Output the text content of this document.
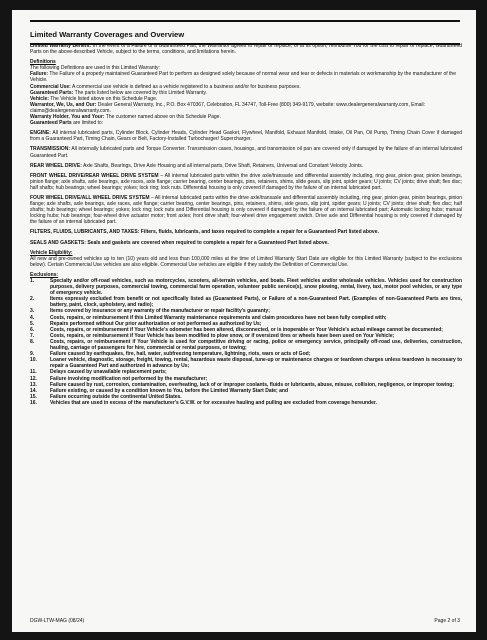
Limited Warranty Coverages and Overview

Limited Warranty Benefit: In the event of a Failure of a Guaranteed Part, the Warrantor agrees to repair or replace, or at its option, reimburse You for the cost to repair or replace, Guaranteed Parts on the above-described Vehicle, subject to the terms, conditions, and limitations herein.

Definitions
The following Definitions are used in this Limited Warranty:
Failure: The Failure of a properly maintained Guaranteed Part to perform as designed solely because of normal wear and tear or defects in materials or workmanship by the manufacturer of the Vehicle.
Commercial Use: A commercial use vehicle is defined as a vehicle registered to a business and/or for business purposes.
Guaranteed Parts: The parts listed below are covered by this Limited Warranty.
Vehicle: The Vehicle listed above on this Schedule Page.
Warrantor, We, Us, and Our: Dealer General Warranty, Inc., P.O. Box 470367, Celebration, FL 34747, Toll-Free (800) 349-9179, website: www.dealergeneralwarranty.com, Email: claims@dealergeneralwarranty.com.
Warranty Holder, You and Your: The customer named above on this Schedule Page.

Guaranteed Parts are limited to:

ENGINE: All internal lubricated parts, Cylinder Block, Cylinder Heads, Cylinder Head Gasket, Flywheel, Manifold, Exhaust Manifold, Intake, Oil Pan, Oil Pump, Timing Chain Cover if damaged from a Guaranteed Part, Timing Chain, Gears or Belt, Factory-Installed Turbocharger/ Supercharger.

TRANSMISSION: All internally lubricated parts and Torque Converter. Transmission cases, housings, and transmission oil pan are covered only if damaged by the failure of an internal lubricated Guaranteed Part.

REAR WHEEL DRIVE: Axle Shafts, Bearings, Drive Axle Housing and all internal parts, Drive Shaft, Retainers, Universal and Constant Velocity Joints.

FRONT WHEEL DRIVE/REAR WHEEL DRIVE SYSTEM – All internal lubricated parts within the drive axle/transaxle and differential assembly including, ring gear, pinion gear, pinion bearings, pinion flange; axle shafts, axle bearings, axle races, axle flange; carrier bearing, center bearings, pins, retainers, shims, slide gears, slip joint, spider gears; U joints; CV joints; drive shaft; flex disc; half shafts; hub bearings; wheel bearings; yokes; lock ring; lock nuts. Differential housing is only covered if damaged by the failure of an internal lubricated part.

FOUR WHEEL DRIVE/ALL WHEEL DRIVE SYSTEM – All internal lubricated parts within the drive axle/transaxle and differential assembly including, ring gear, pinion gear, pinion bearings, pinion flange; axle shafts, axle bearings, axle races, axle flange; carrier bearing, center bearings, pins, retainers, shims, side gears, slip joint, spider gears; U joints; CV joints; drive shaft; flex disc; half shafts; hub bearings; wheel bearings; yokes; lock ring; lock nuts and Differential housing is only covered if damaged by the failure of an internal lubricated part; Automatic locking hubs; manual locking hubs; hub bearings; four-wheel drive actuator motor; front axles; front drive shaft; four-wheel drive engagement switch. Drive axle and Differential housing is only covered if damaged by the failure of an internal lubricated part.

FILTERS, FLUIDS, LUBRICANTS, AND TAXES: Filters, fluids, lubricants, and taxes required to complete a repair for a Guaranteed Part listed above.

SEALS AND GASKETS: Seals and gaskets are covered when required to complete a repair for a Guaranteed Part listed above.

Vehicle Eligibility:

All new and pre-owned vehicles up to ten (10) years old and less than 100,000 miles at the time of Limited Warranty Start Date are eligible for this Limited Warranty (subject to the exclusions below). Certain Commercial Use vehicles are also eligible. Commercial Use vehicles are eligible if they satisfy the Definition of Commercial Use.

Exclusions:
1.	Specialty and/or off-road vehicles, such as motorcycles, scooters, all-terrain vehicles, and boats. Fleet vehicles and/or wholesale vehicles. Vehicles used for construction purposes, delivery purposes, commercial towing, commercial farm operation, volunteer public service(s), snow plowing, rental, livery, taxi, motor pool vehicles, or any type of emergency vehicle.
2.	Items expressly excluded from benefit or not specifically listed as (Guaranteed Parts), or Failure of a non-Guaranteed Part. (Examples of non-Guaranteed Parts are tires, battery, paint, clock, upholstery, and radio);
3.	Items covered by insurance or any warranty of the manufacturer or repair facility's guaranty;
4.	Costs, repairs, or reimbursement if this Limited Warranty maintenance requirements and claim procedures have not been fully complied with;
5.	Repairs performed without Our prior authorization or not performed as authorized by Us;
6.	Costs, repairs, or reimbursement if Your Vehicle's odometer has been altered, disconnected, or is inoperable or Your Vehicle's actual mileage cannot be documented;
7.	Costs, repairs, or reimbursement if Your Vehicle has been modified to plow snow, or if oversized tires or wheels have been used on Your Vehicle;
8.	Costs, repairs, or reimbursement if Your Vehicle is used for competitive driving or racing, police or emergency service, principally off-road use, deliveries, construction, hauling, carriage of passengers for hire, commercial or rental purposes, or towing;
9.	Failure caused by earthquakes, fire, hail, water, subfreezing temperature, lightning, riots, wars or acts of God;
10.	Loaner vehicle, diagnostic, storage, freight, towing, rental, hazardous waste disposal, tune-up or maintenance charges or teardown charges unless teardown is necessary to repair a Guaranteed Part and authorized in advance by Us;
11.	Delays caused by unavailable replacement parts;
12.	Failure involving modification not performed by the manufacturer;
13.	Failure caused by rust, corrosion, contamination, overheating, lack of or improper coolants, fluids or lubricants, abuse, misuse, collision, negligence, or improper towing;
14.	Failure existing, or caused by a condition known to You, before the Limited Warranty Start Date; and
15.	Failure occurring outside the continental United States.
16.	Vehicles that are used in excess of the manufacturer's G.V.W. or for excessive hauling and pulling are excluded from coverage hereunder.
DGW-LTW-MAG (08/24)	Page 2 of 3
